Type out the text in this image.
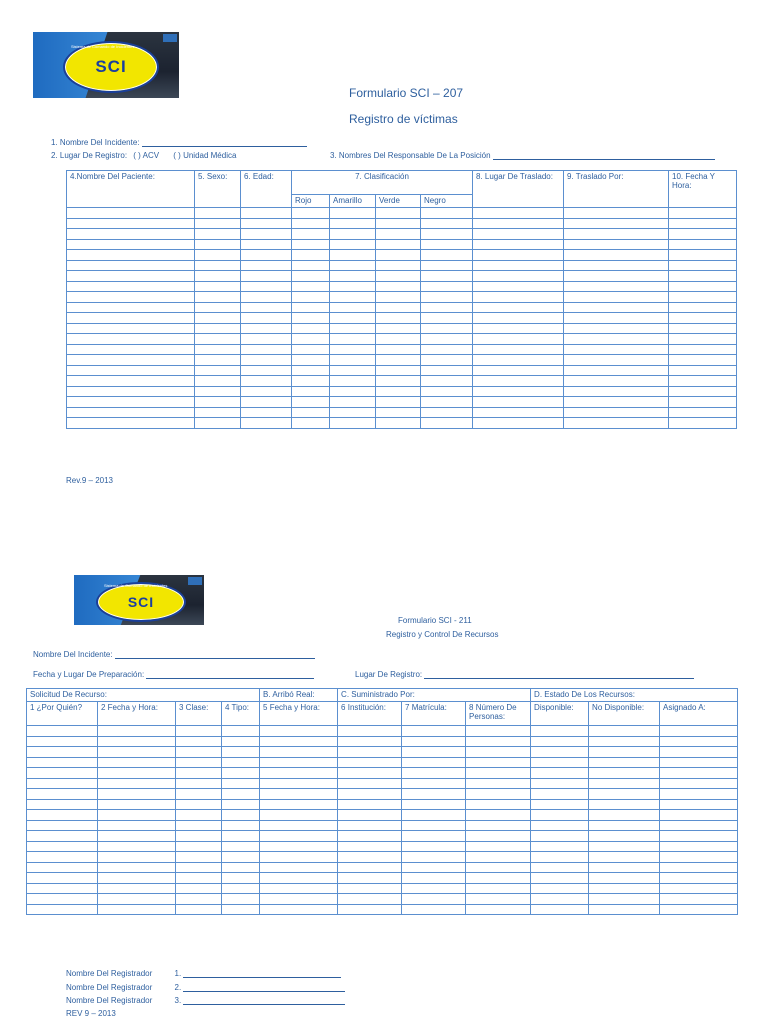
SCI
Sistema de Comando de Incidentes
Formulario SCI – 207
Registro de víctimas
1. Nombre Del Incidente:
2. Lugar De Registro: ( ) ACV ( ) Unidad Médica	3. Nombres Del Responsable De La Posición
4.Nombre Del Paciente:	5. Sexo:	6. Edad:	7. Clasificación				8. Lugar De Traslado:	9. Traslado Por:	10. Fecha Y Hora:
			Rojo	Amarillo	Verde	Negro			

Rev.9 – 2013
SCI
Sistema de Comando de Incidentes
Formulario SCI - 211
Registro y Control De Recursos
Nombre Del Incidente:
Fecha y Lugar De Preparación:	Lugar De Registro:
Solicitud De Recurso:				B. Arribó Real:	C. Suministrado Por:			D. Estado De Los Recursos:		
1 ¿Por Quién?	2 Fecha y Hora:	3 Clase:	4 Tipo:	5 Fecha y Hora:	6 Institución:	7 Matrícula:	8 Número De Personas:	Disponible:	No Disponible:	Asignado A:

Nombre Del Registrador	1.
Nombre Del Registrador	2.
Nombre Del Registrador	3.
REV 9 – 2013
